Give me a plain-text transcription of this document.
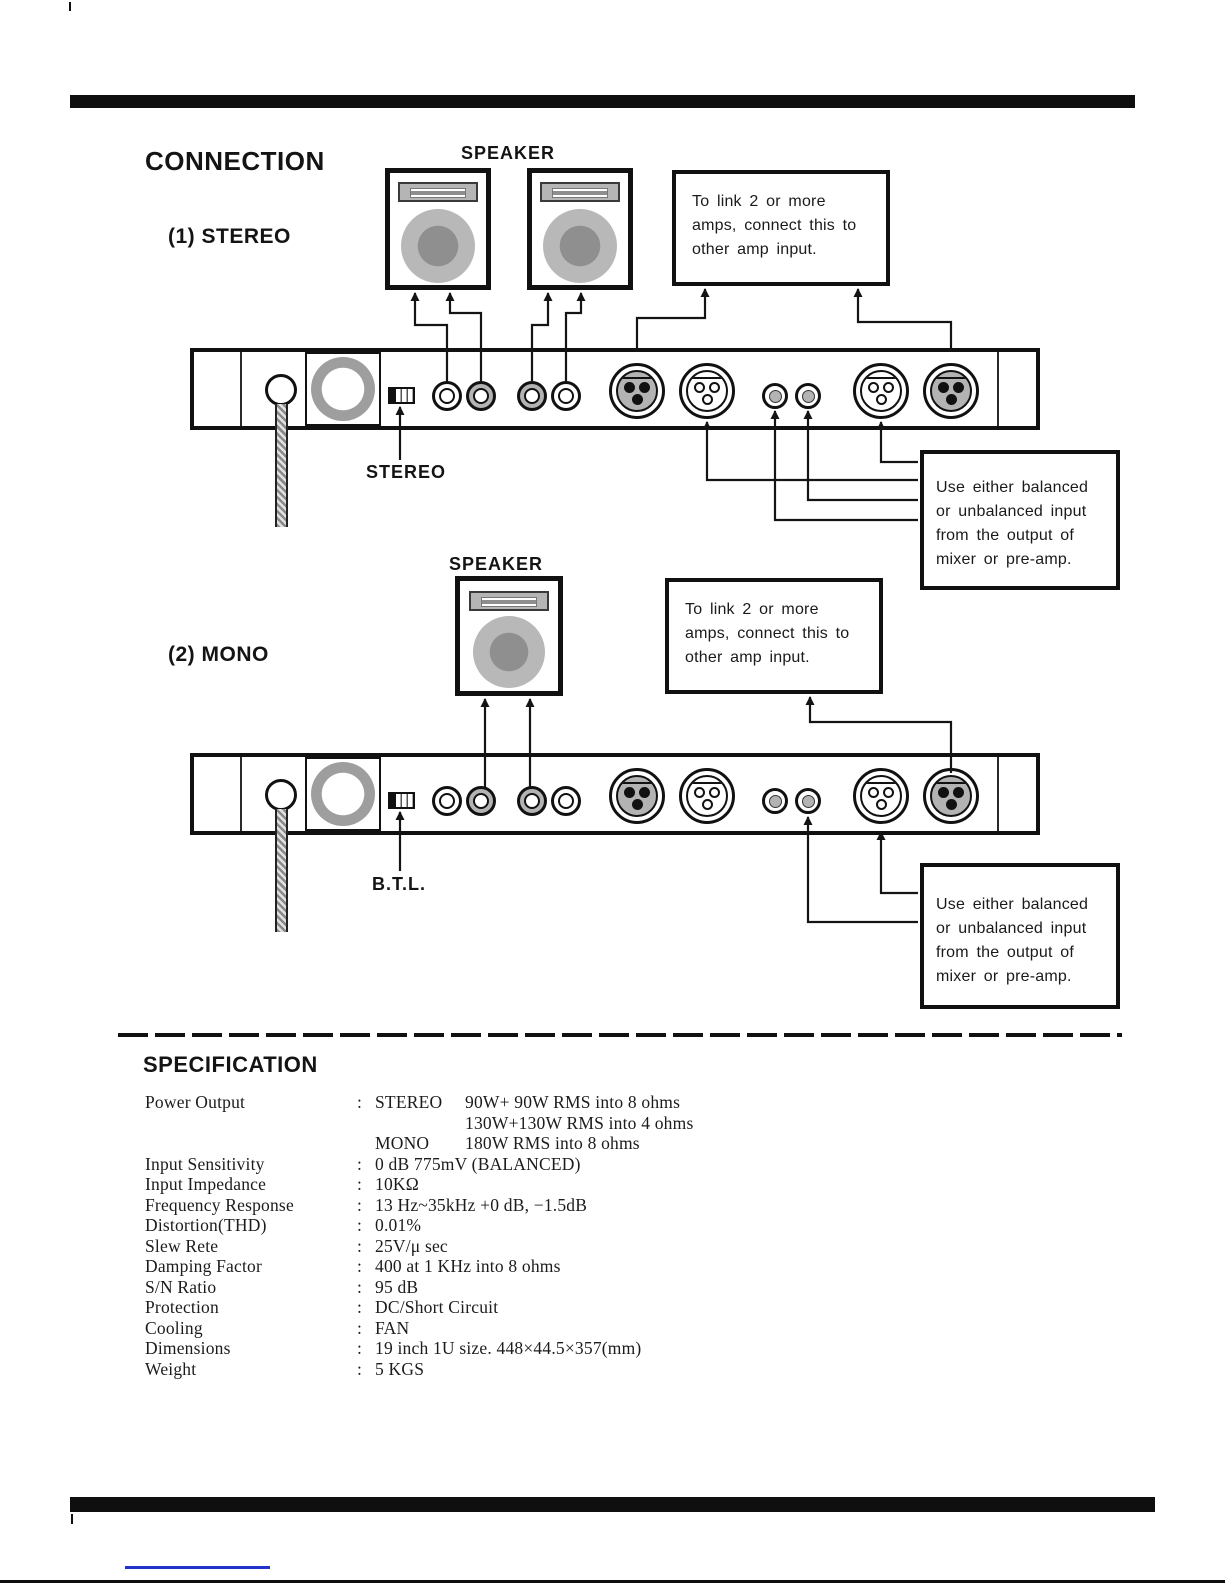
CONNECTION	SPEAKER
(1) STEREO
To link 2 or more amps, connect this to other amp input.
STEREO
Use either balanced or unbalanced input from the output of mixer or pre-amp.
SPEAKER
(2) MONO
To link 2 or more amps, connect this to other amp input.
B.T.L.
Use either balanced or unbalanced input from the output of mixer or pre-amp.
SPECIFICATION
Power Output	: STEREO	90W+ 90W RMS into 8 ohms
130W+130W RMS into 4 ohms
MONO	180W RMS into 8 ohms
Input Sensitivity	: 0 dB 775mV (BALANCED)
Input Impedance	: 10KΩ
Frequency Response	: 13 Hz~35kHz +0 dB, −1.5dB
Distortion(THD)	: 0.01%
Slew Rete	: 25V/μ sec
Damping Factor	: 400 at 1 KHz into 8 ohms
S/N Ratio	: 95 dB
Protection	: DC/Short Circuit
Cooling	: FAN
Dimensions	: 19 inch 1U size. 448×44.5×357(mm)
Weight	: 5 KGS
